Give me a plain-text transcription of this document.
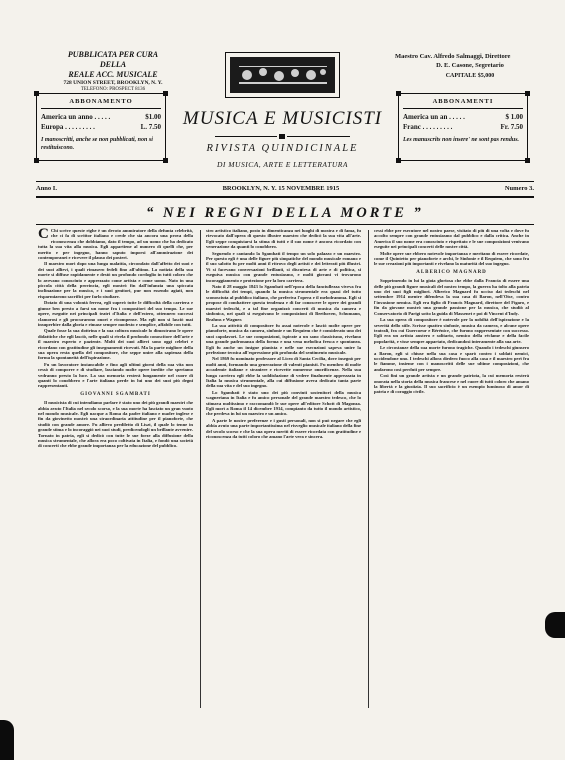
PUBBLICATA PER CURA
DELLA
REALE ACC. MUSICALE
728 UNION STREET, BROOKLYN, N. Y.
TELEFONO: PROSPECT 8136
Maestro Cav. Alfredo Salmaggi, Direttore
D. E. Casone, Segretario
CAPITALE $5,000
ABBONAMENTO
America un anno . . . . .	$1.00
Europa . . . . . . . . .	L. 7.50
I manoscritti, anche se non pubblicati, non si restituiscono.
MUSICA E MUSICISTI
RIVISTA QUINDICINALE
DI MUSICA, ARTE E LETTERATURA
ABBONAMENTI
America un an . . . . .	$ 1.00
Franc . . . . . . . . .	Fr. 7.50
Les manuscrits non insere' ne sont pas rendus.
Anno I.	BROOKLYN, N. Y. 15 NOVEMBRE 1915	Numero 3.
“ NEI REGNI DELLA MORTE ”

C Chi scrive queste righe è un devoto ammiratore della defunta celebrità, che ci fa di scrittor italiano e crede che sia ancora una prova della riconoscenza che dobbiamo, dato il tempo, ad un uomo che ha dedicato tutta la sua vita alla musica. Egli appartiene al numero di quelli che, per merito e per ingegno, hanno saputo imporsi all'ammirazione dei contemporanei e ricevere il plauso dei posteri.

Il maestro morì dopo una lunga malattia, circondato dall'affetto dei suoi e dei suoi allievi, i quali rimasero fedeli fino all'ultimo. La notizia della sua morte si diffuse rapidamente e destò un profondo cordoglio in tutti coloro che lo avevano conosciuto e apprezzato come artista e come uomo. Nato in una piccola città della provincia, egli mostrò fin dall'infanzia una spiccata inclinazione per la musica, e i suoi genitori, pur non essendo agiati, non risparmiarono sacrifici per farlo studiare.

Dotato di una volontà ferrea, egli superò tutte le difficoltà della carriera e giunse ben presto a farsi un nome fra i compositori del suo tempo. Le sue opere, eseguite nei principali teatri d'Italia e dell'estero, ottennero successi clamorosi e gli procurarono onori e ricompense. Ma egli non si lasciò mai insuperbire dalla gloria e rimase sempre modesto e semplice, affabile con tutti.

Quale fosse la sua dottrina e la sua coltura musicale lo dimostrano le opere didattiche che egli lasciò, nelle quali si rivela il profondo conoscitore dell'arte e il maestro esperto e paziente. Molti dei suoi allievi sono oggi celebri e ricordano con gratitudine gli insegnamenti ricevuti. Ma la parte migliore della sua opera resta quella del compositore, che seppe unire alla sapienza della forma la spontaneità dell'ispirazione.

Fu un lavoratore instancabile e fino agli ultimi giorni della sua vita non cessò di comporre e di studiare, lasciando molte opere inedite che speriamo vedranno presto la luce. La sua memoria resterà lungamente nel cuore di quanti lo conobbero e l'arte italiana perde in lui uno dei suoi più degni rappresentanti.

GIOVANNI SGAMBATI

Il musicista di cui intendiamo parlare è stato uno dei più grandi maestri che abbia avuto l'Italia nel secolo scorso, e la sua morte ha lasciato un gran vuoto nel mondo musicale. Egli nacque a Roma da padre italiano e madre inglese e fin da giovinetto mostrò una straordinaria attitudine per il pianoforte, che studiò con grande amore. Fu allievo prediletto di Liszt, il quale lo tenne in grande stima e lo incoraggiò nei suoi studi, predicendogli un brillante avvenire. Tornato in patria, egli si dedicò con tutte le sue forze alla diffusione della musica strumentale, che allora era poco coltivata in Italia, e fondò una società di concerti che ebbe grande importanza per la educazione del pubblico.

stro artistico italiano, posto in dimenticanza nei luoghi di mostra e di fama, fu rievocato dall'opera di questo illustre maestro che dedicò la sua vita all'arte. Egli seppe conquistarsi la stima di tutti e il suo nome è ancora ricordato con venerazione da quanti lo conobbero.

Seguendo e cantando la Sgambati il tempo un solo palazzo e un maestro. Per questo egli è una delle figure più simpatiche del mondo musicale romano e il suo salotto fu per molti anni il ritrovo degli artisti e dei letterati più illustri. Vi si facevano conversazioni brillanti, si discuteva di arte e di politica, si eseguiva musica con grande entusiasmo, e molti giovani vi trovarono incoraggiamento e protezione per la loro carriera.

Nato il 28 maggio 1843 lo Sgambati nell'epoca della fanciullezza viveva fra le difficoltà dei tempi, quando la musica strumentale era quasi del tutto sconosciuta al pubblico italiano, che preferiva l'opera e il melodramma. Egli si propose di combattere questa tendenza e di far conoscere le opere dei grandi maestri tedeschi, e a tal fine organizzò concerti di musica da camera e sinfonica, nei quali si eseguivano le composizioni di Beethoven, Schumann, Brahms e Wagner.

La sua attività di compositore fu assai notevole e lasciò molte opere per pianoforte, musica da camera, sinfonie e un Requiem che è considerato uno dei suoi capolavori. Le sue composizioni, ispirate a un sano classicismo, rivelano una grande padronanza della forma e una vena melodica fresca e spontanea. Egli fu anche un insigne pianista e nelle sue esecuzioni sapeva unire la perfezione tecnica all'espressione più profonda del sentimento musicale.

Nel 1869 fu nominato professore al Liceo di Santa Cecilia, dove insegnò per molti anni, formando una generazione di valenti pianisti. Fu membro di molte accademie italiane e straniere e ricevette numerose onorificenze. Nella sua lunga carriera egli ebbe la soddisfazione di vedere finalmente apprezzata in Italia la musica strumentale, alla cui diffusione aveva dedicato tanta parte della sua vita e del suo ingegno.

Lo Sgambati è stato uno dei più convinti sostenitori della musica wagneriana in Italia e fu amico personale del grande maestro tedesco, che lo stimava moltissimo e raccomandò le sue opere all'editore Schott di Magonza. Egli morì a Roma il 14 dicembre 1914, compianto da tutto il mondo artistico, che perdeva in lui un maestro e un amico.

A parte le nostre preferenze e i gusti personali, non si può negare che egli abbia avuto una parte importantissima nel risveglio musicale italiano della fine del secolo scorso e che la sua opera meriti di essere ricordata con gratitudine e riconoscenza da tutti coloro che amano l'arte vera e sincera.

cessi ebbe per esecutore nel nostro paese, visitato di più di una volta e dove fu accolto sempre con grande entusiasmo dal pubblico e dalla critica. Anche in America il suo nome era conosciuto e rispettato e le sue composizioni venivano eseguite nei principali concerti delle nostre città.

Molte opere sue ebbero notevole importanza e meritano di essere ricordate, come il Quintetto per pianoforte e archi, le Sinfonie e il Requiem, che sono fra le sue creazioni più importanti e rivelano la maturità del suo ingegno.

ALBERICO MAGNARD

Sopprimendo in lui la gioia gloriosa che ebbe dalla Francia di essere una delle più grandi figure musicali del nostro tempo, la guerra ha tolto alla patria uno dei suoi figli migliori. Alberico Magnard fu ucciso dai tedeschi nel settembre 1914 mentre difendeva la sua casa di Baron, nell'Oise, contro l'invasione nemica. Egli era figlio di Francis Magnard, direttore del Figaro, e fin da giovane mostrò una grande passione per la musica, che studiò al Conservatorio di Parigi sotto la guida di Massenet e poi di Vincent d'Indy.

La sua opera di compositore è notevole per la nobiltà dell'ispirazione e la severità dello stile. Scrisse quattro sinfonie, musica da camera, e alcune opere teatrali, fra cui Guercoeur e Bérénice, che furono rappresentate con successo. Egli era un artista austero e solitario, nemico della réclame e della facile popolarità, e visse sempre appartato, dedicandosi interamente alla sua arte.

Le circostanze della sua morte furono tragiche. Quando i tedeschi giunsero a Baron, egli si chiuse nella sua casa e sparò contro i soldati nemici, uccidendone uno. I tedeschi allora diedero fuoco alla casa e il maestro perì fra le fiamme, insieme con i manoscritti delle sue ultime composizioni, che andarono così perduti per sempre.

Così finì un grande artista e un grande patriota, la cui memoria resterà onorata nella storia della musica francese e nel cuore di tutti coloro che amano la libertà e la giustizia. Il suo sacrificio è un esempio luminoso di amor di patria e di coraggio civile.
